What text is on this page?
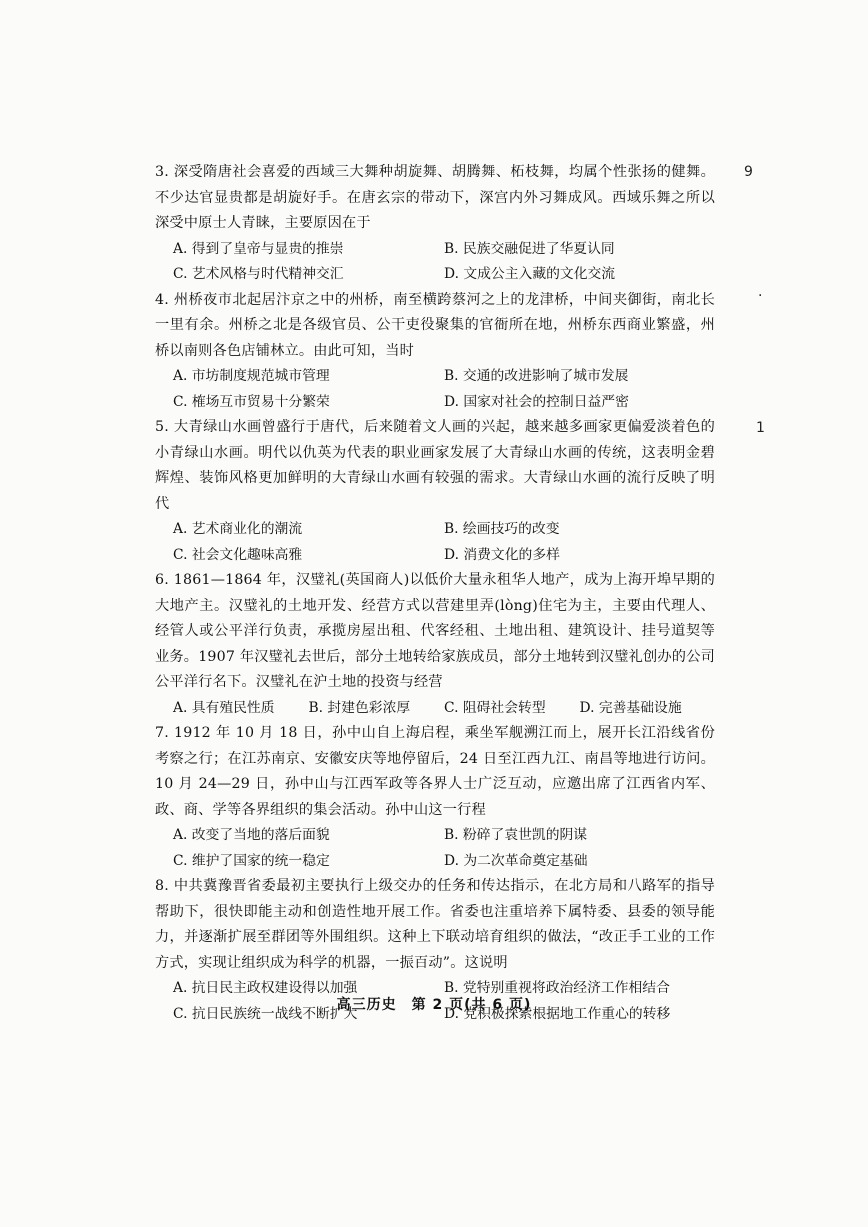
9
·
1

3. 深受隋唐社会喜爱的西域三大舞种胡旋舞、胡腾舞、柘枝舞，均属个性张扬的健舞。不少达官显贵都是胡旋好手。在唐玄宗的带动下，深宫内外习舞成风。西域乐舞之所以深受中原士人青睐，主要原因在于

A. 得到了皇帝与显贵的推崇	B. 民族交融促进了华夏认同
C. 艺术风格与时代精神交汇	D. 文成公主入藏的文化交流

4. 州桥夜市北起居汴京之中的州桥，南至横跨蔡河之上的龙津桥，中间夹御街，南北长一里有余。州桥之北是各级官员、公干吏役聚集的官衙所在地，州桥东西商业繁盛，州桥以南则各色店铺林立。由此可知，当时

A. 市坊制度规范城市管理	B. 交通的改进影响了城市发展
C. 榷场互市贸易十分繁荣	D. 国家对社会的控制日益严密

5. 大青绿山水画曾盛行于唐代，后来随着文人画的兴起，越来越多画家更偏爱淡着色的小青绿山水画。明代以仇英为代表的职业画家发展了大青绿山水画的传统，这表明金碧辉煌、装饰风格更加鲜明的大青绿山水画有较强的需求。大青绿山水画的流行反映了明代

A. 艺术商业化的潮流	B. 绘画技巧的改变
C. 社会文化趣味高雅	D. 消费文化的多样

6. 1861—1864 年，汉璧礼(英国商人)以低价大量永租华人地产，成为上海开埠早期的大地产主。汉璧礼的土地开发、经营方式以营建里弄(lòng)住宅为主，主要由代理人、经管人或公平洋行负责，承揽房屋出租、代客经租、土地出租、建筑设计、挂号道契等业务。1907 年汉璧礼去世后，部分土地转给家族成员，部分土地转到汉璧礼创办的公司公平洋行名下。汉璧礼在沪土地的投资与经营

A. 具有殖民性质	B. 封建色彩浓厚	C. 阻碍社会转型	D. 完善基础设施

7. 1912 年 10 月 18 日，孙中山自上海启程，乘坐军舰溯江而上，展开长江沿线省份考察之行；在江苏南京、安徽安庆等地停留后，24 日至江西九江、南昌等地进行访问。10 月 24—29 日，孙中山与江西军政等各界人士广泛互动，应邀出席了江西省内军、政、商、学等各界组织的集会活动。孙中山这一行程

A. 改变了当地的落后面貌	B. 粉碎了袁世凯的阴谋
C. 维护了国家的统一稳定	D. 为二次革命奠定基础

8. 中共冀豫晋省委最初主要执行上级交办的任务和传达指示，在北方局和八路军的指导帮助下，很快即能主动和创造性地开展工作。省委也注重培养下属特委、县委的领导能力，并逐渐扩展至群团等外围组织。这种上下联动培育组织的做法，“改正手工业的工作方式，实现让组织成为科学的机器，一振百动”。这说明

A. 抗日民主政权建设得以加强	B. 党特别重视将政治经济工作相结合
C. 抗日民族统一战线不断扩大	D. 党积极探索根据地工作重心的转移
高三历史　第 2 页(共 6 页)
